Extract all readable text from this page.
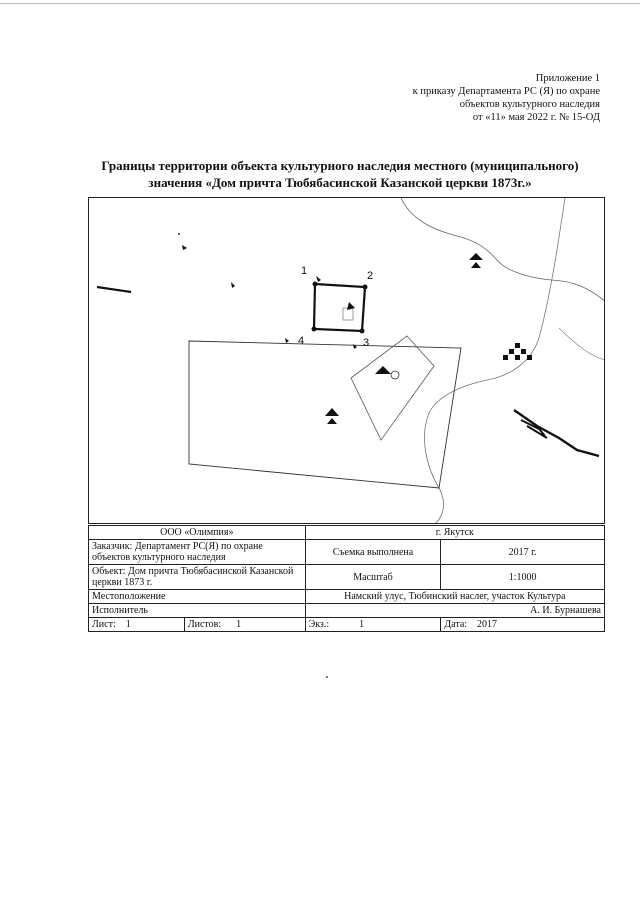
Приложение 1
к приказу Департамента РС (Я) по охране
объектов культурного наследия
от «11» мая 2022 г. № 15-ОД
Границы территории объекта культурного наследия местного (муниципального)
значения «Дом причта Тюбябасинской Казанской церкви 1873г.»
1	2
3
4
ООО «Олимпия»		г. Якутск	
Заказчик: Департамент РС(Я) по охране объектов культурного наследия		Съемка выполнена	2017 г.
Объект: Дом причта Тюбябасинской Казанской церкви 1873 г.		Масштаб	1:1000
Местоположение		Намский улус, Тюбинский наслег, участок Культура	
Исполнитель		А. И. Бурнашева	
Лист: 1	Листов: 1	Экз.: 1	Дата: 2017
